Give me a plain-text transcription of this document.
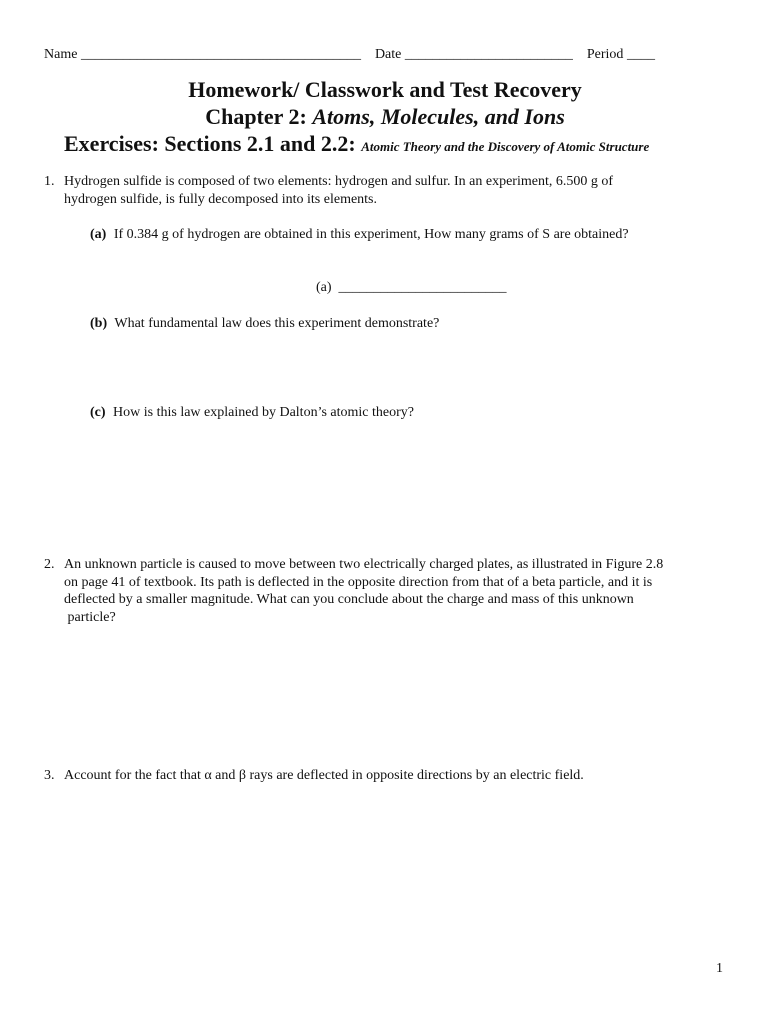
Name ________________________________________ Date ________________________ Period ____
Homework/ Classwork and Test Recovery
Chapter 2: Atoms, Molecules, and Ions
Exercises: Sections 2.1 and 2.2: Atomic Theory and the Discovery of Atomic Structure
1. Hydrogen sulfide is composed of two elements: hydrogen and sulfur. In an experiment, 6.500 g of
hydrogen sulfide, is fully decomposed into its elements.
(a) If 0.384 g of hydrogen are obtained in this experiment, How many grams of S are obtained?
(a) ________________________
(b) What fundamental law does this experiment demonstrate?
(c) How is this law explained by Dalton’s atomic theory?
2. An unknown particle is caused to move between two electrically charged plates, as illustrated in Figure 2.8
on page 41 of textbook. Its path is deflected in the opposite direction from that of a beta particle, and it is
deflected by a smaller magnitude. What can you conclude about the charge and mass of this unknown
particle?
3. Account for the fact that α and β rays are deflected in opposite directions by an electric field.
1
